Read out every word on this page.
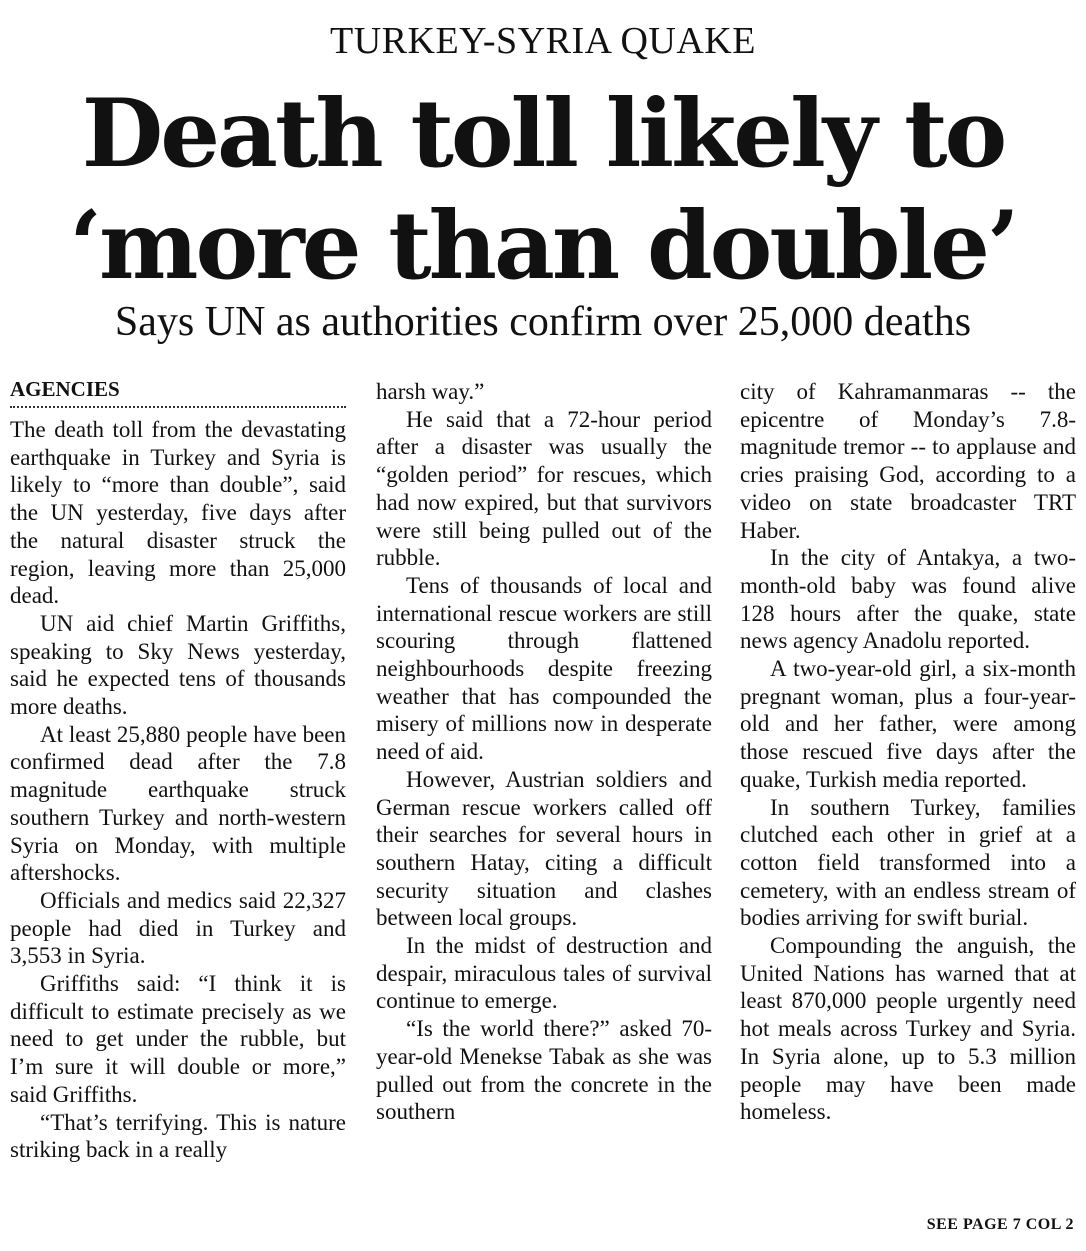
TURKEY-SYRIA QUAKE
Death toll likely to
‘more than double’
Says UN as authorities confirm over 25,000 deaths
AGENCIES

The death toll from the devastating earthquake in Turkey and Syria is likely to “more than double”, said the UN yesterday, five days after the natural disaster struck the region, leaving more than 25,000 dead.

UN aid chief Martin Griffiths, speaking to Sky News yesterday, said he expected tens of thousands more deaths.

At least 25,880 people have been confirmed dead after the 7.8 magnitude earthquake struck southern Turkey and north-western Syria on Monday, with multiple aftershocks.

Officials and medics said 22,327 people had died in Turkey and 3,553 in Syria.

Griffiths said: “I think it is difficult to estimate precisely as we need to get under the rubble, but I’m sure it will double or more,” said Griffiths.

“That’s terrifying. This is nature striking back in a really

harsh way.”

He said that a 72-hour period after a disaster was usually the “golden period” for rescues, which had now expired, but that survivors were still being pulled out of the rubble.

Tens of thousands of local and international rescue workers are still scouring through flattened neighbourhoods despite freezing weather that has compounded the misery of millions now in desperate need of aid.

However, Austrian soldiers and German rescue workers called off their searches for several hours in southern Hatay, citing a difficult security situation and clashes between local groups.

In the midst of destruction and despair, miraculous tales of survival continue to emerge.

“Is the world there?” asked 70-year-old Menekse Tabak as she was pulled out from the concrete in the southern

city of Kahramanmaras -- the epicentre of Monday’s 7.8-magnitude tremor -- to applause and cries praising God, according to a video on state broadcaster TRT Haber.

In the city of Antakya, a two-month-old baby was found alive 128 hours after the quake, state news agency Anadolu reported.

A two-year-old girl, a six-month pregnant woman, plus a four-year-old and her father, were among those rescued five days after the quake, Turkish media reported.

In southern Turkey, families clutched each other in grief at a cotton field transformed into a cemetery, with an endless stream of bodies arriving for swift burial.

Compounding the anguish, the United Nations has warned that at least 870,000 people urgently need hot meals across Turkey and Syria. In Syria alone, up to 5.3 million people may have been made homeless.

SEE PAGE 7 COL 2
